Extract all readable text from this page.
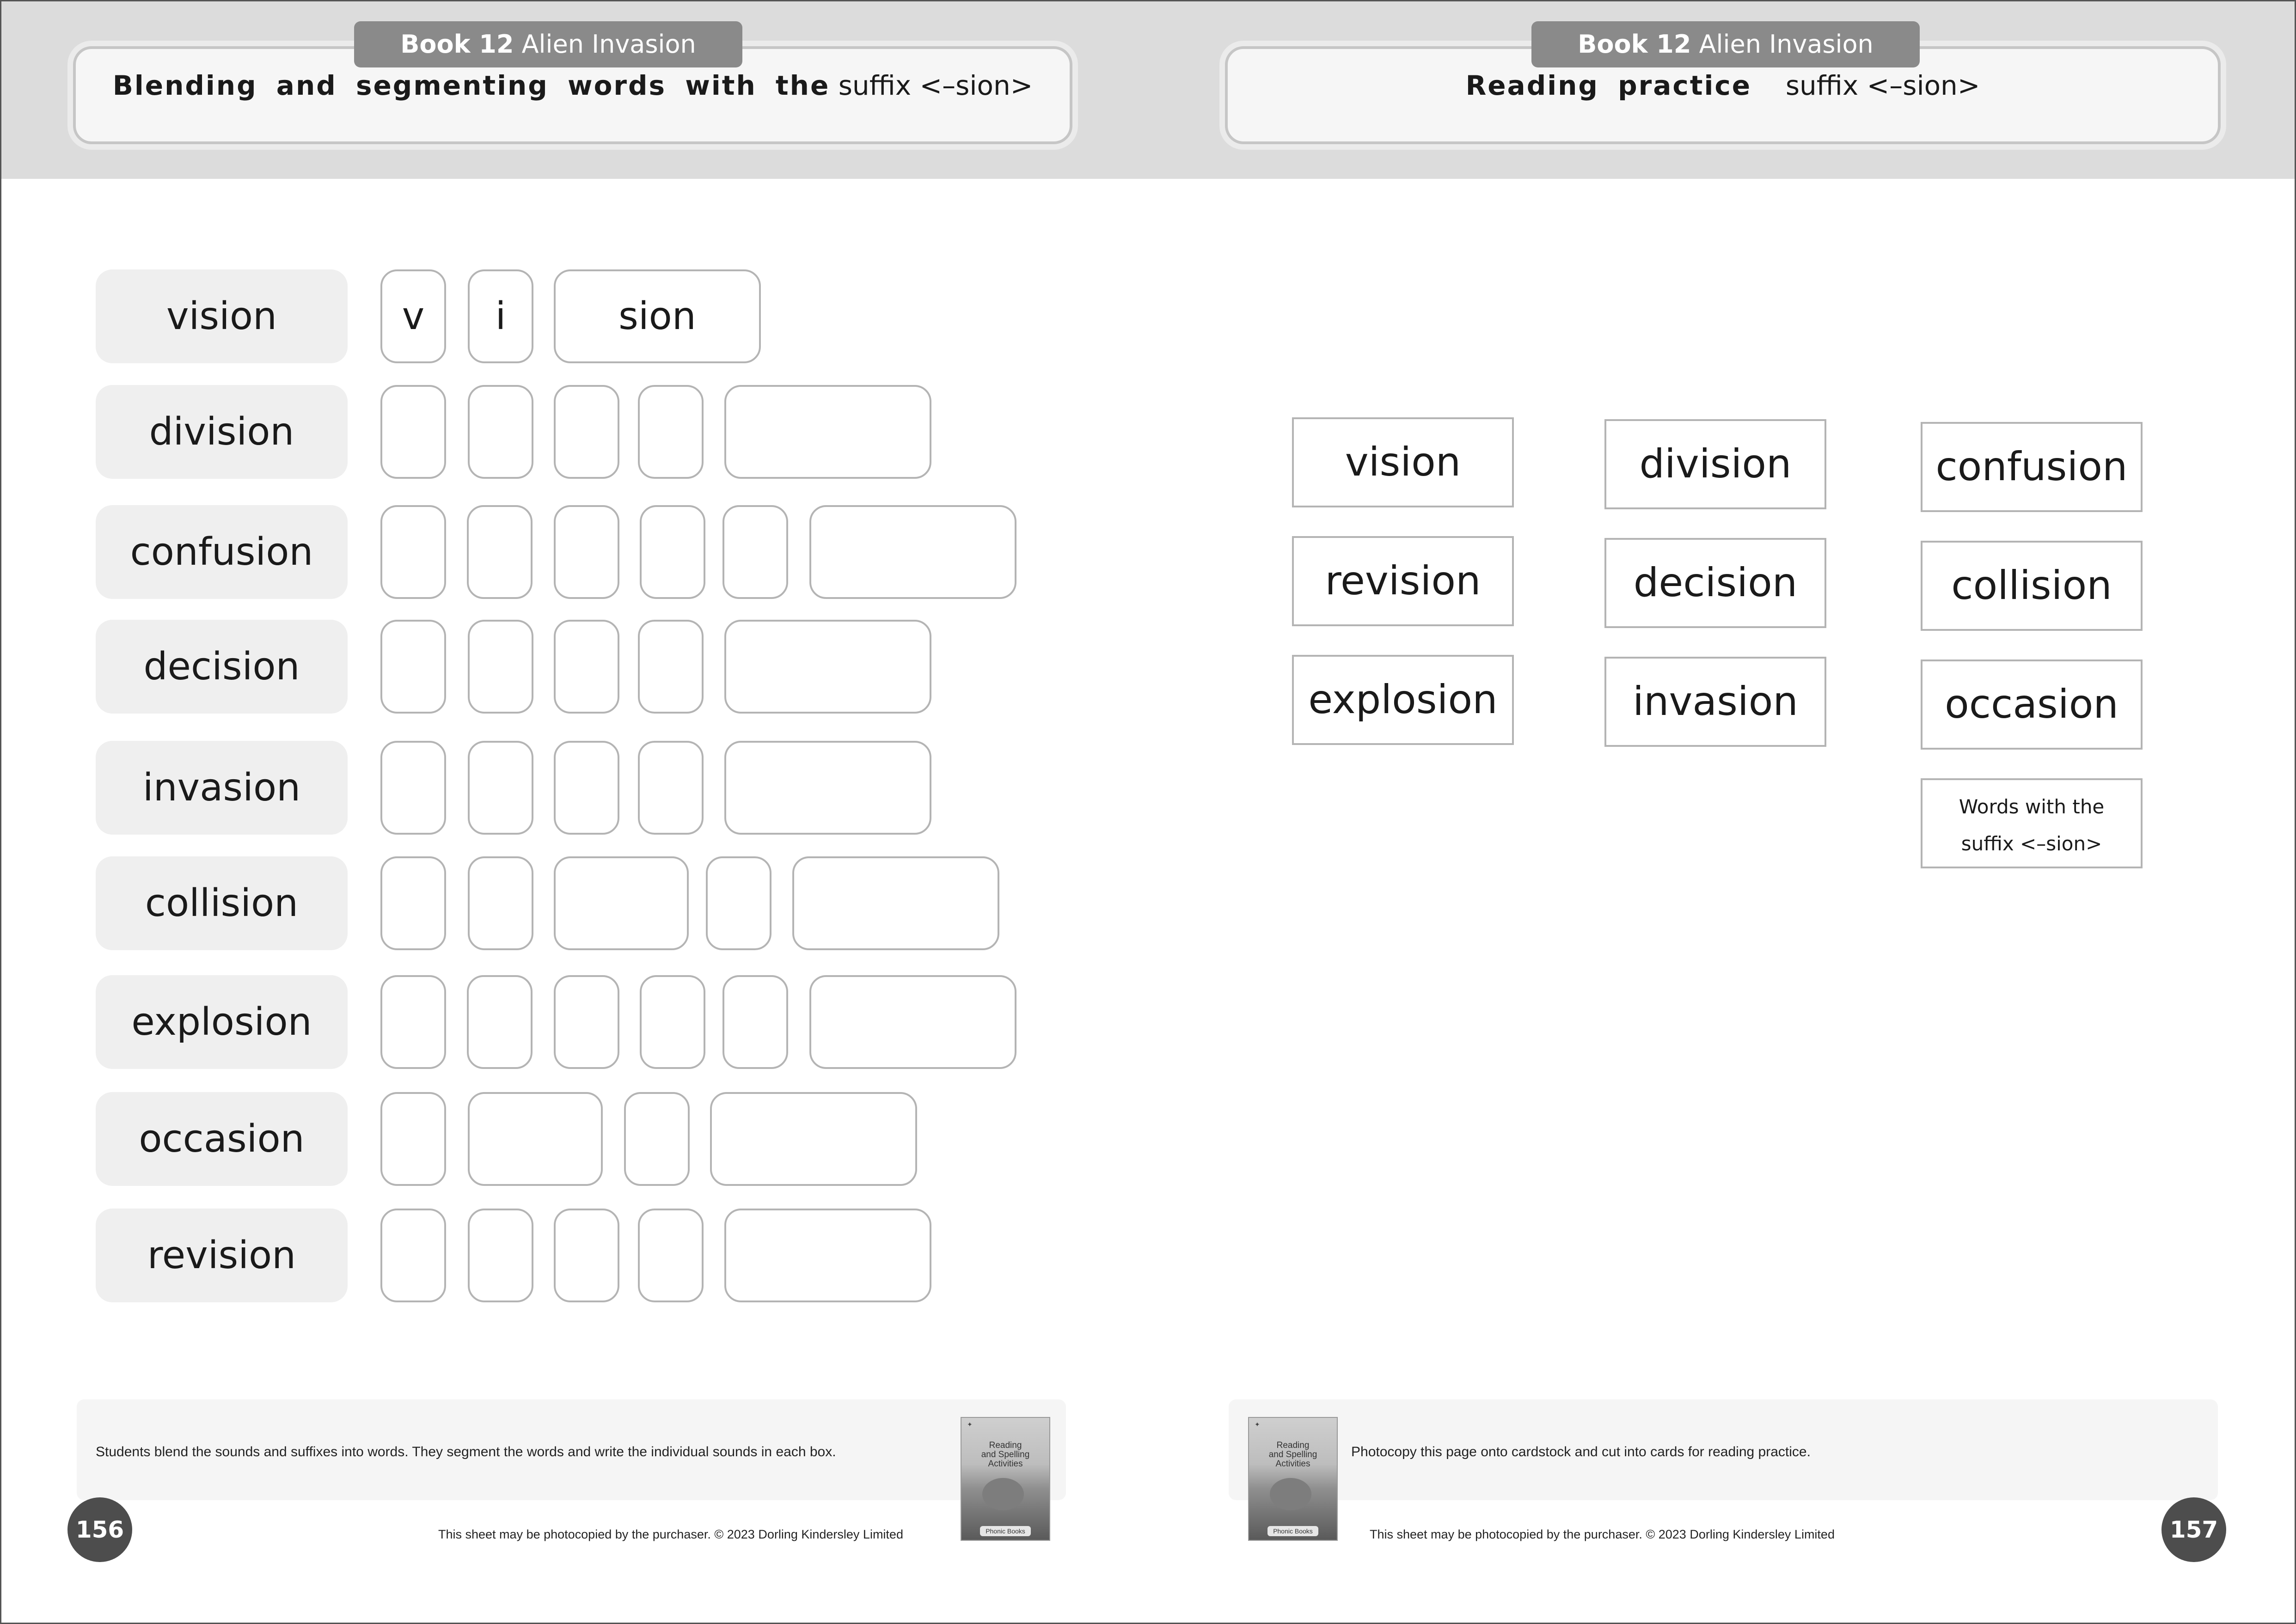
Blending and segmenting words with the suffix <–sion>
Book 12 Alien Invasion
Reading practice suffix <–sion>
Book 12 Alien Invasion
vision	v	i	sion
division
confusion
decision
invasion
collision
explosion
occasion
revision
vision
revision
explosion
division
decision
invasion
confusion
collision
occasion
Words with the
suffix <–sion>
Students blend the sounds and suffixes into words. They segment the words and write the individual sounds in each box.
✦
Reading
and Spelling
Activities
Phonic Books
This sheet may be photocopied by the purchaser. © 2023 Dorling Kindersley Limited
156
✦
Reading
and Spelling
Activities
Phonic Books
Photocopy this page onto cardstock and cut into cards for reading practice.
This sheet may be photocopied by the purchaser. © 2023 Dorling Kindersley Limited	157
